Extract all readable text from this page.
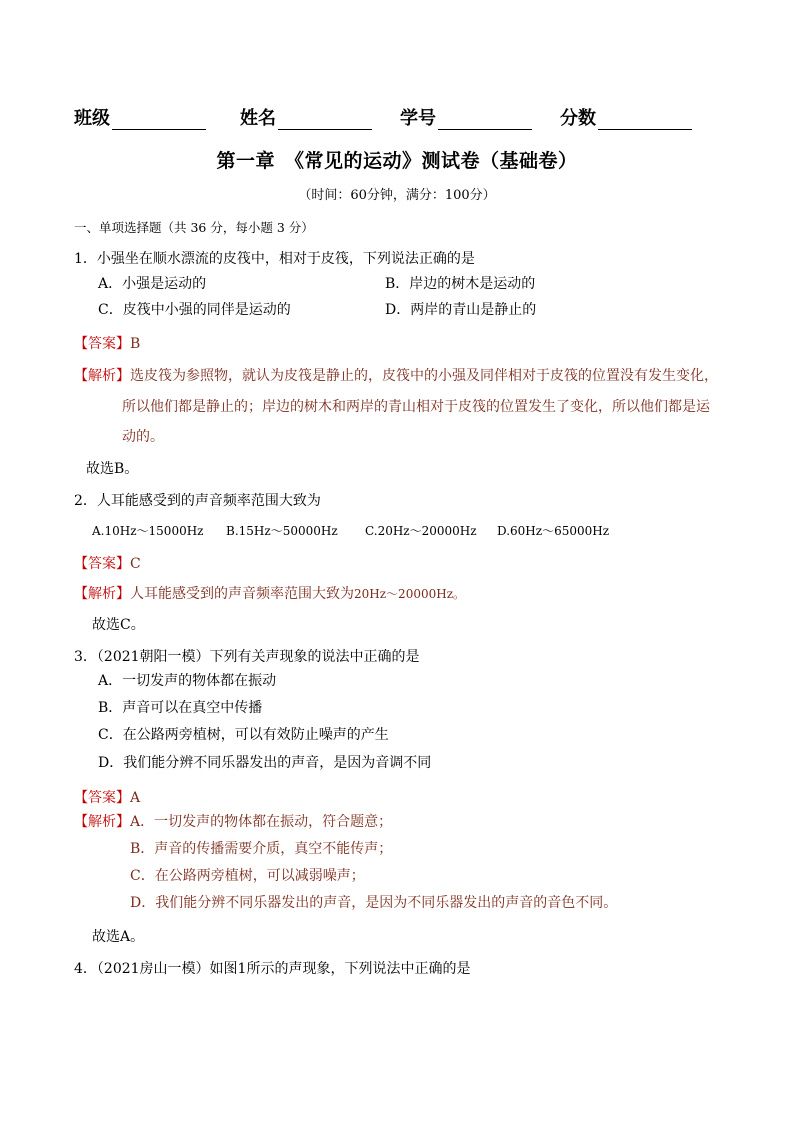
班级	姓名	学号	分数
第一章　《常见的运动》测试卷（基础卷）
（时间：60分钟，满分：100分）
一、单项选择题（共 36 分，每小题 3 分）
1．小强坐在顺水漂流的皮筏中，相对于皮筏，下列说法正确的是
A．小强是运动的	B．岸边的树木是运动的
C．皮筏中小强的同伴是运动的	D．两岸的青山是静止的
【答案】B
【解析】选皮筏为参照物，就认为皮筏是静止的，皮筏中的小强及同伴相对于皮筏的位置没有发生变化，
所以他们都是静止的；岸边的树木和两岸的青山相对于皮筏的位置发生了变化，所以他们都是运
动的。
故选B。
2．人耳能感受到的声音频率范围大致为
A.10Hz～15000Hz B.15Hz～50000Hz C.20Hz～20000Hz D.60Hz～65000Hz
【答案】C
【解析】人耳能感受到的声音频率范围大致为20Hz～20000Hz。
故选C。
3．（2021朝阳一模）下列有关声现象的说法中正确的是
A．一切发声的物体都在振动
B．声音可以在真空中传播
C．在公路两旁植树，可以有效防止噪声的产生
D．我们能分辨不同乐器发出的声音，是因为音调不同
【答案】A
【解析】A．一切发声的物体都在振动，符合题意；
B．声音的传播需要介质，真空不能传声；
C．在公路两旁植树，可以减弱噪声；
D．我们能分辨不同乐器发出的声音，是因为不同乐器发出的声音的音色不同。
故选A。
4．（2021房山一模）如图1所示的声现象，下列说法中正确的是
